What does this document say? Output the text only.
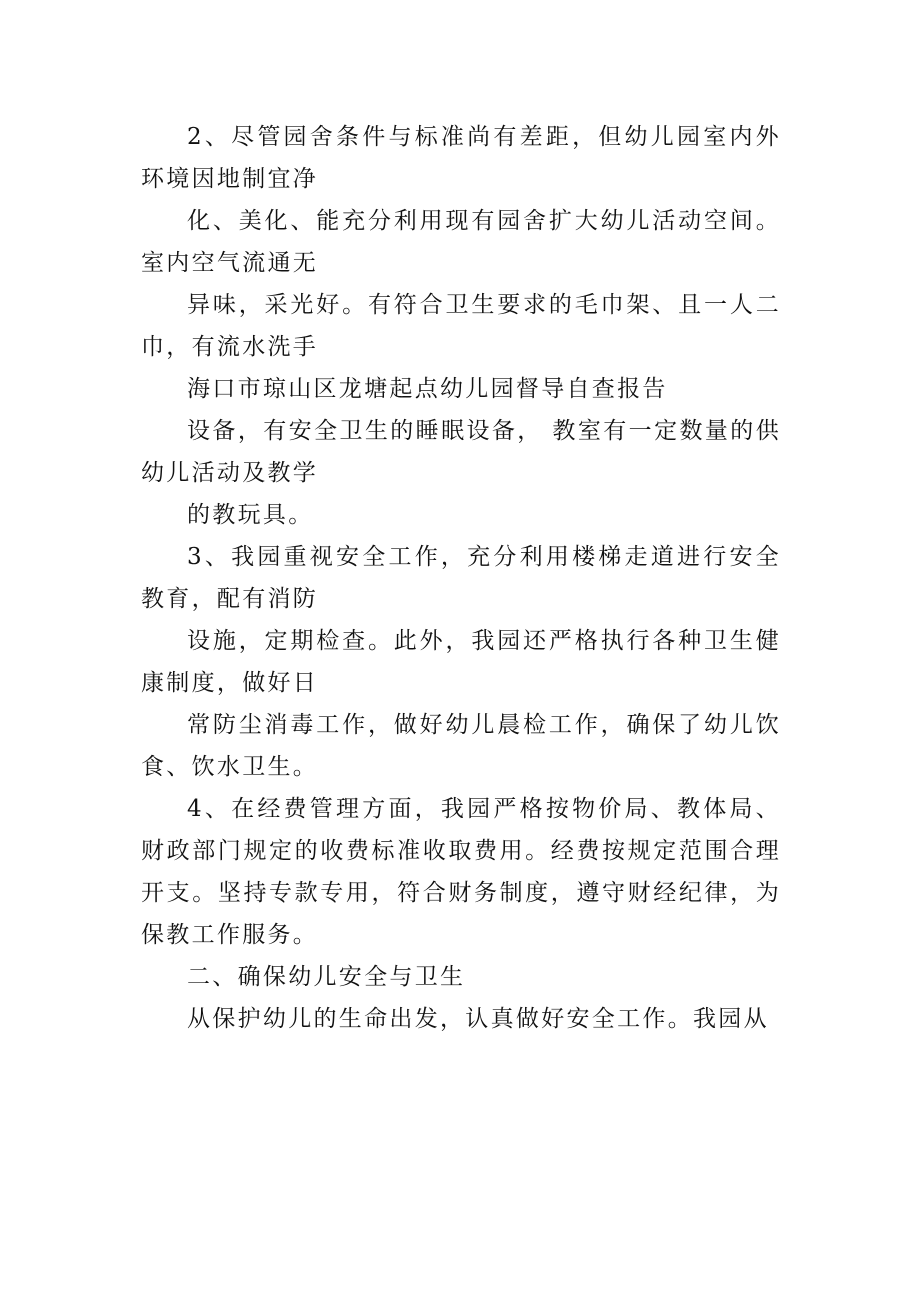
2、尽管园舍条件与标准尚有差距，但幼儿园室内外环境因地制宜净

化、美化、能充分利用现有园舍扩大幼儿活动空间。室内空气流通无

异味，采光好。有符合卫生要求的毛巾架、且一人二巾，有流水洗手

海口市琼山区龙塘起点幼儿园督导自查报告

设备，有安全卫生的睡眠设备， 教室有一定数量的供幼儿活动及教学

的教玩具。

3、我园重视安全工作，充分利用楼梯走道进行安全教育，配有消防

设施，定期检查。此外，我园还严格执行各种卫生健康制度，做好日

常防尘消毒工作，做好幼儿晨检工作，确保了幼儿饮食、饮水卫生。

4、在经费管理方面，我园严格按物价局、教体局、财政部门规定的收费标准收取费用。经费按规定范围合理开支。坚持专款专用，符合财务制度，遵守财经纪律，为保教工作服务。

二、确保幼儿安全与卫生

从保护幼儿的生命出发，认真做好安全工作。我园从
